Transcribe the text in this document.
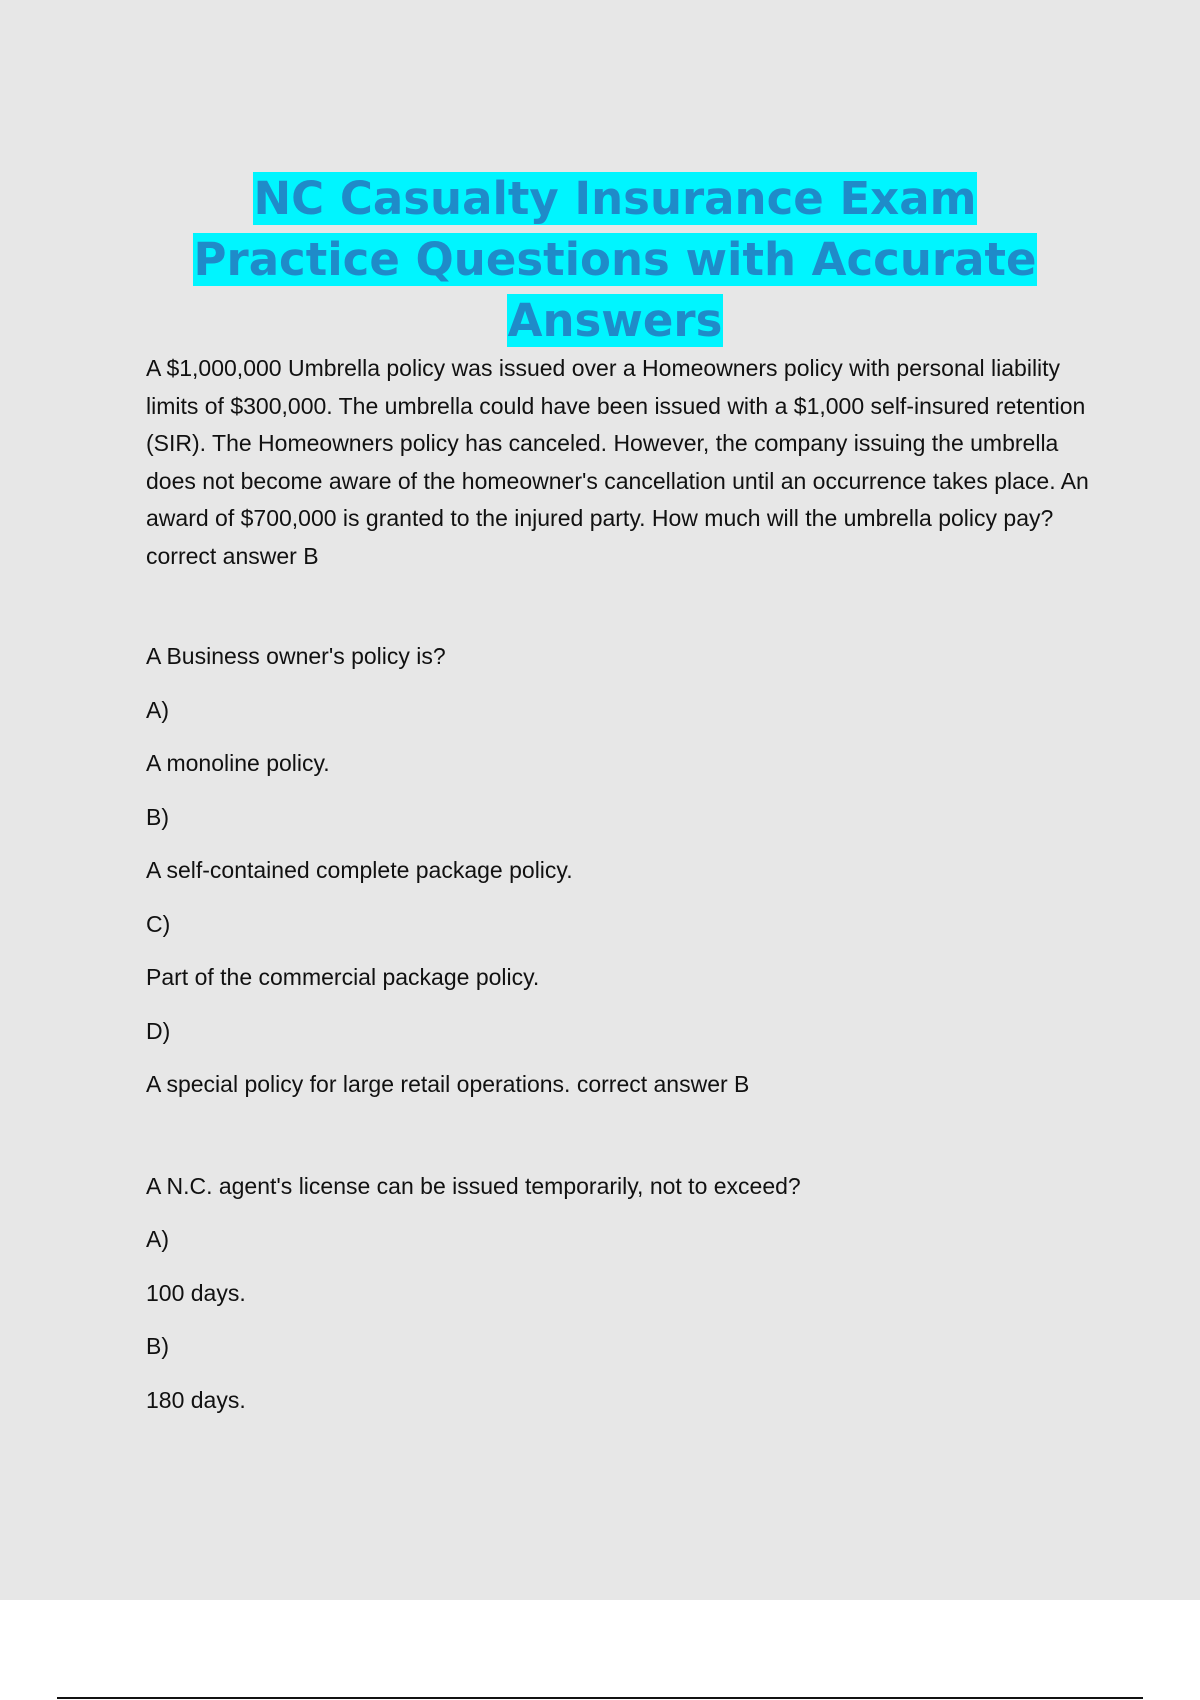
NC Casualty Insurance Exam
Practice Questions with Accurate
Answers

A $1,000,000 Umbrella policy was issued over a Homeowners policy with personal liability limits of $300,000. The umbrella could have been issued with a $1,000 self-insured retention (SIR). The Homeowners policy has canceled. However, the company issuing the umbrella does not become aware of the homeowner's cancellation until an occurrence takes place. An award of $700,000 is granted to the injured party. How much will the umbrella policy pay? correct answer B

A Business owner's policy is?

A)

A monoline policy.

B)

A self-contained complete package policy.

C)

Part of the commercial package policy.

D)

A special policy for large retail operations. correct answer B

A N.C. agent's license can be issued temporarily, not to exceed?

A)

100 days.

B)

180 days.
